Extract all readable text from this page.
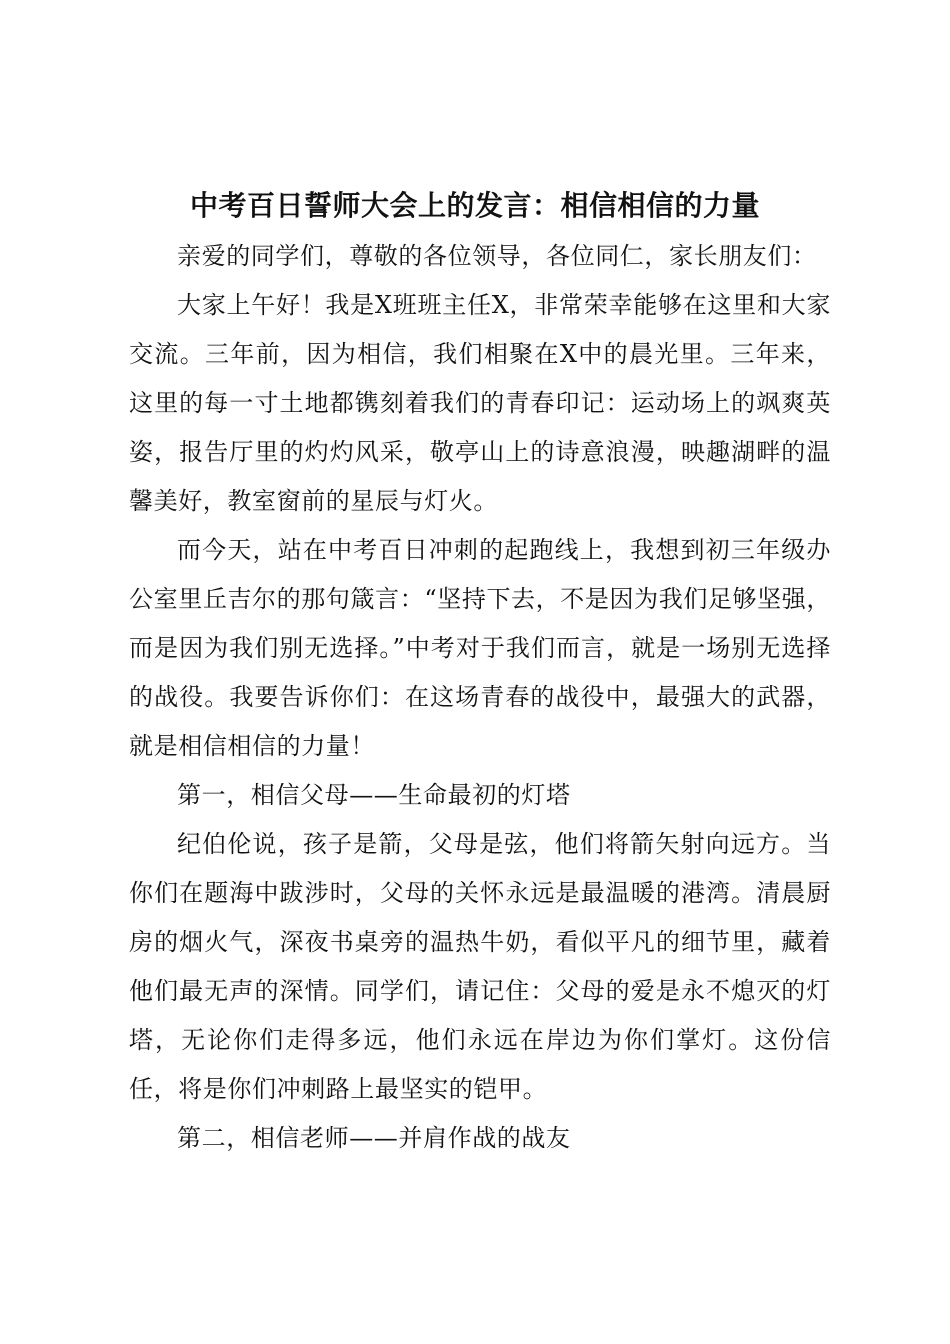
中考百日誓师大会上的发言：相信相信的力量

亲爱的同学们，尊敬的各位领导，各位同仁，家长朋友们：

大家上午好！我是X班班主任X，非常荣幸能够在这里和大家交流。三年前，因为相信，我们相聚在X中的晨光里。三年来，这里的每一寸土地都镌刻着我们的青春印记：运动场上的飒爽英姿，报告厅里的灼灼风采，敬亭山上的诗意浪漫，映趣湖畔的温馨美好，教室窗前的星辰与灯火。

而今天，站在中考百日冲刺的起跑线上，我想到初三年级办公室里丘吉尔的那句箴言：“坚持下去，不是因为我们足够坚强，而是因为我们别无选择。”中考对于我们而言，就是一场别无选择的战役。我要告诉你们：在这场青春的战役中，最强大的武器，就是相信相信的力量！

第一，相信父母——生命最初的灯塔

纪伯伦说，孩子是箭，父母是弦，他们将箭矢射向远方。当你们在题海中跋涉时，父母的关怀永远是最温暖的港湾。清晨厨房的烟火气，深夜书桌旁的温热牛奶，看似平凡的细节里，藏着他们最无声的深情。同学们，请记住：父母的爱是永不熄灭的灯塔，无论你们走得多远，他们永远在岸边为你们掌灯。这份信任，将是你们冲刺路上最坚实的铠甲。

第二，相信老师——并肩作战的战友
